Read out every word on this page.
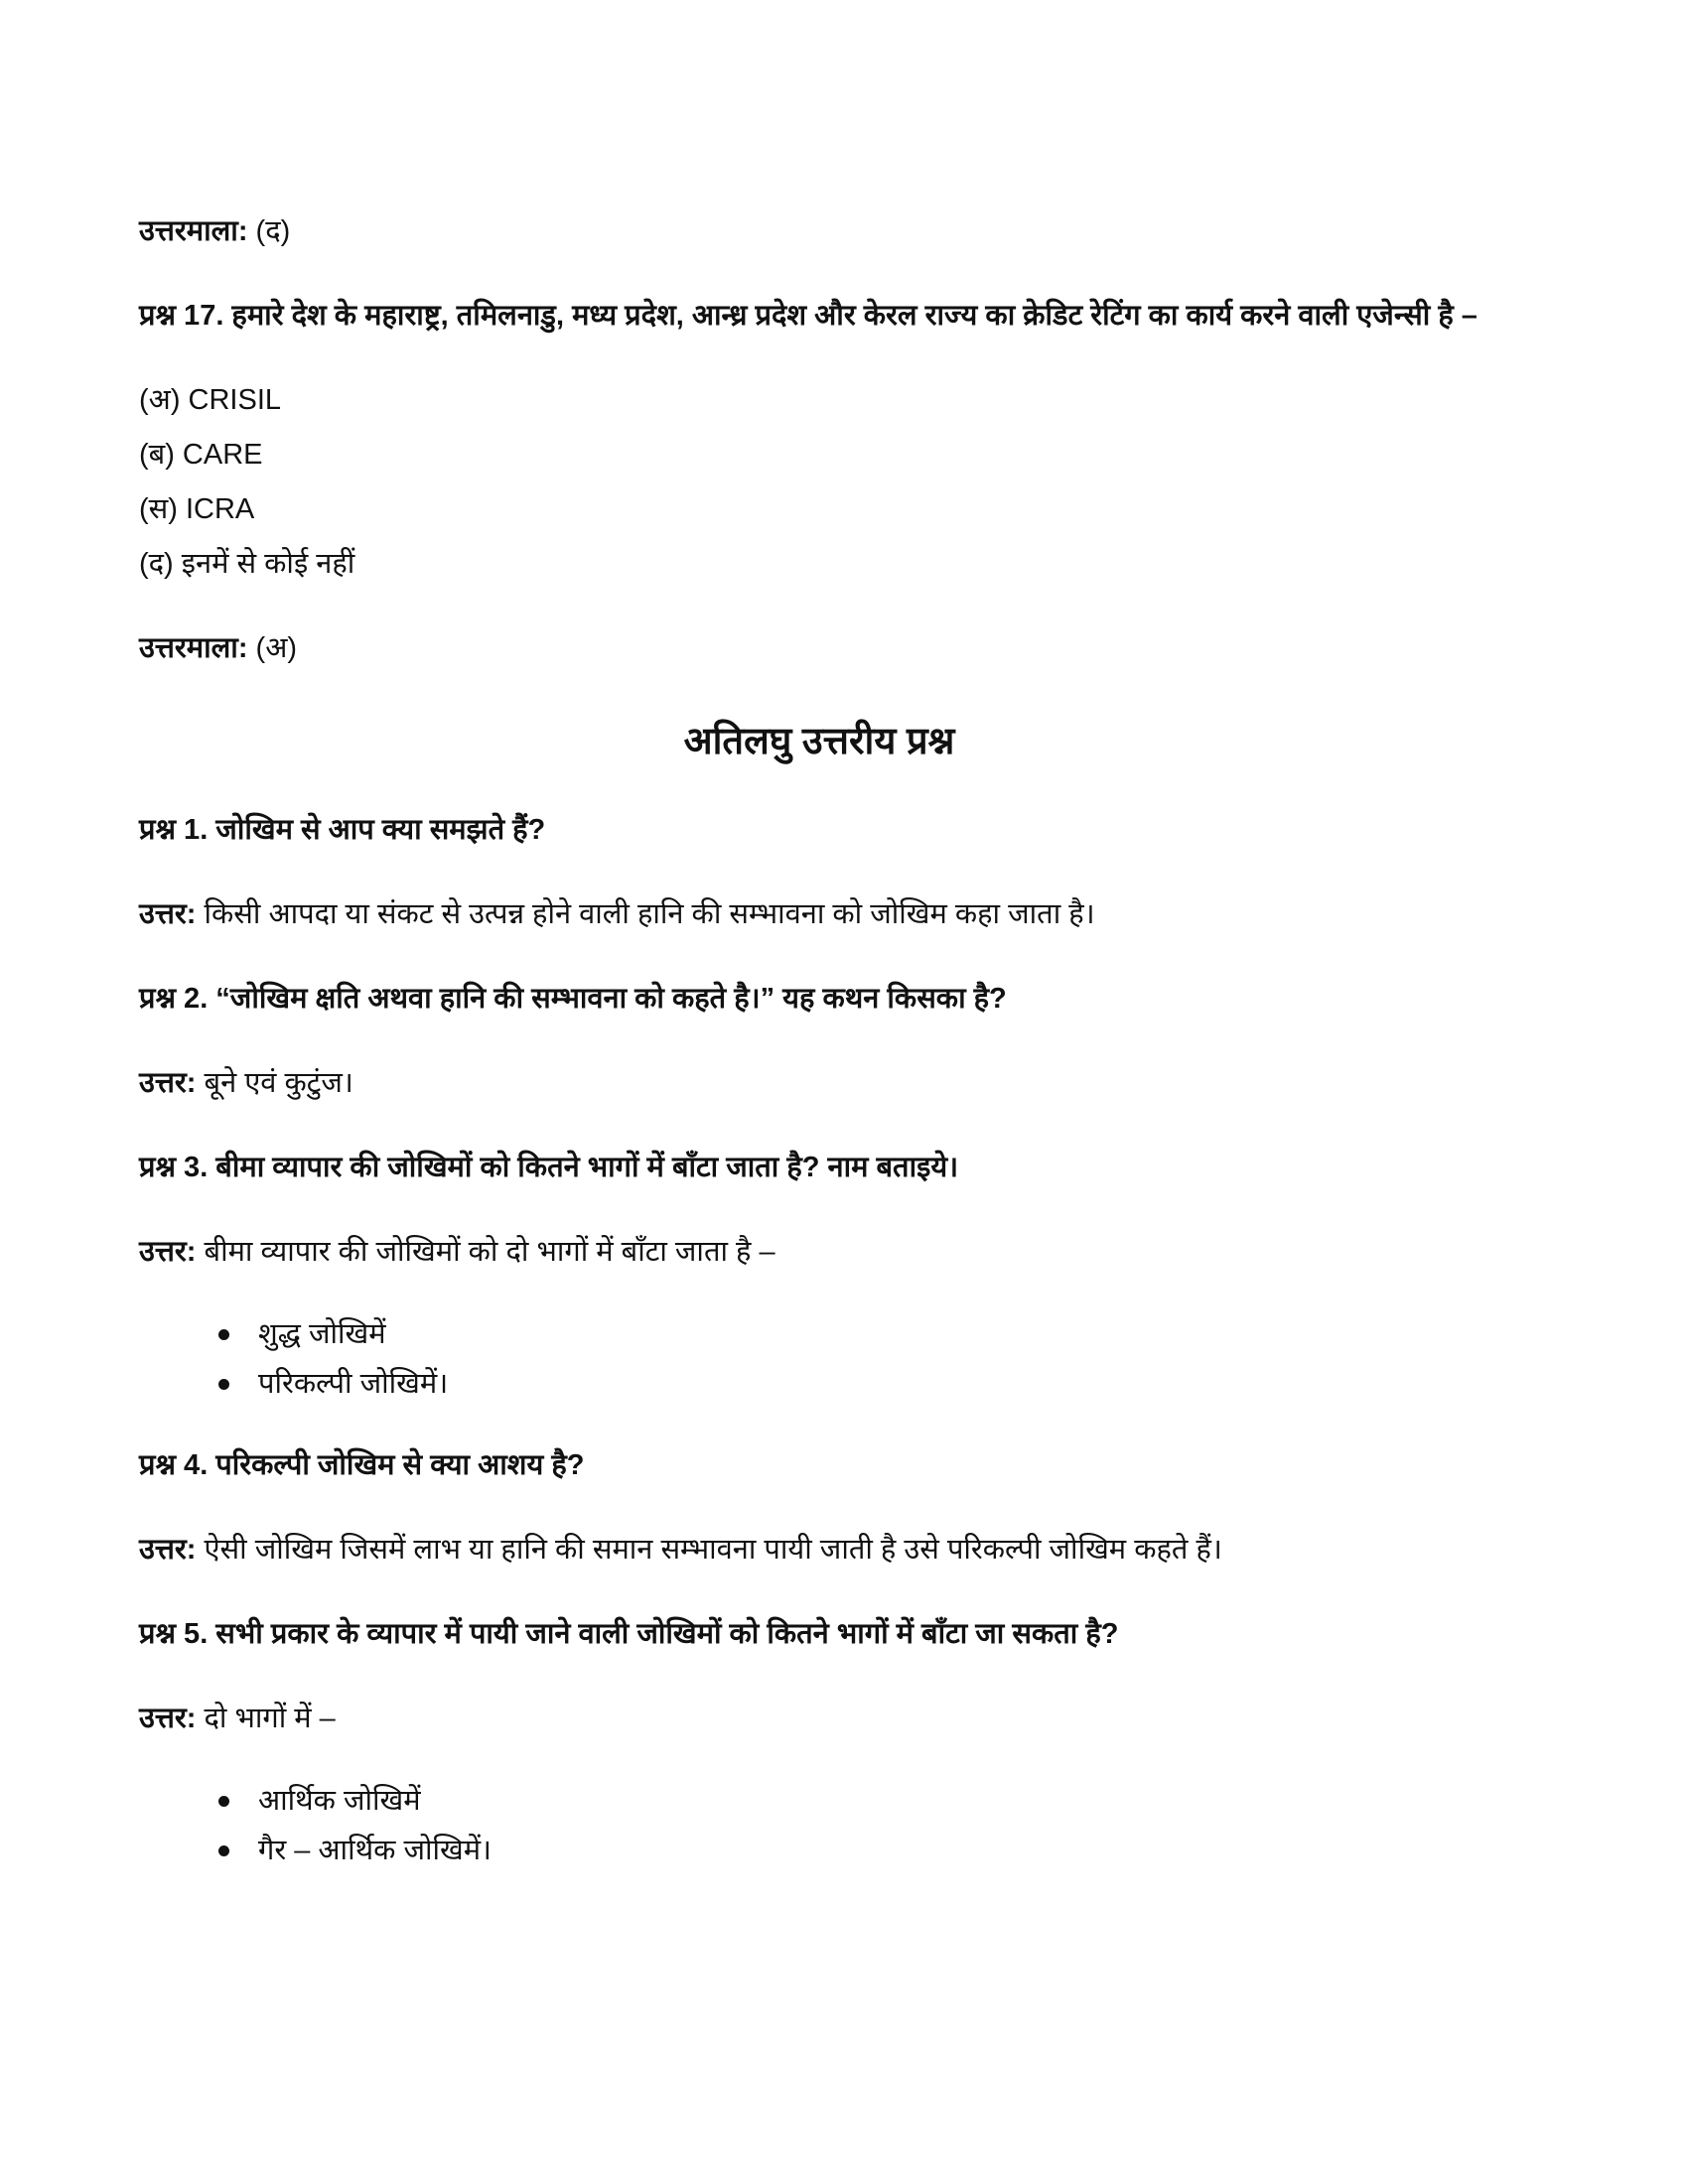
उत्तरमाला: (द)

प्रश्न 17. हमारे देश के महाराष्ट्र, तमिलनाडु, मध्य प्रदेश, आन्ध्र प्रदेश और केरल राज्य का क्रेडिट रेटिंग का कार्य करने वाली एजेन्सी है –

(अ) CRISIL
(ब) CARE
(स) ICRA
(द) इनमें से कोई नहीं

उत्तरमाला: (अ)

अतिलघु उत्तरीय प्रश्न

प्रश्न 1. जोखिम से आप क्या समझते हैं?

उत्तर: किसी आपदा या संकट से उत्पन्न होने वाली हानि की सम्भावना को जोखिम कहा जाता है।

प्रश्न 2. “जोखिम क्षति अथवा हानि की सम्भावना को कहते है।” यह कथन किसका है?

उत्तर: बूने एवं कुटुंज।

प्रश्न 3. बीमा व्यापार की जोखिमों को कितने भागों में बाँटा जाता है? नाम बताइये।

उत्तर: बीमा व्यापार की जोखिमों को दो भागों में बाँटा जाता है –

शुद्ध जोखिमें
परिकल्पी जोखिमें।

प्रश्न 4. परिकल्पी जोखिम से क्या आशय है?

उत्तर: ऐसी जोखिम जिसमें लाभ या हानि की समान सम्भावना पायी जाती है उसे परिकल्पी जोखिम कहते हैं।

प्रश्न 5. सभी प्रकार के व्यापार में पायी जाने वाली जोखिमों को कितने भागों में बाँटा जा सकता है?

उत्तर: दो भागों में –

आर्थिक जोखिमें
गैर – आर्थिक जोखिमें।
